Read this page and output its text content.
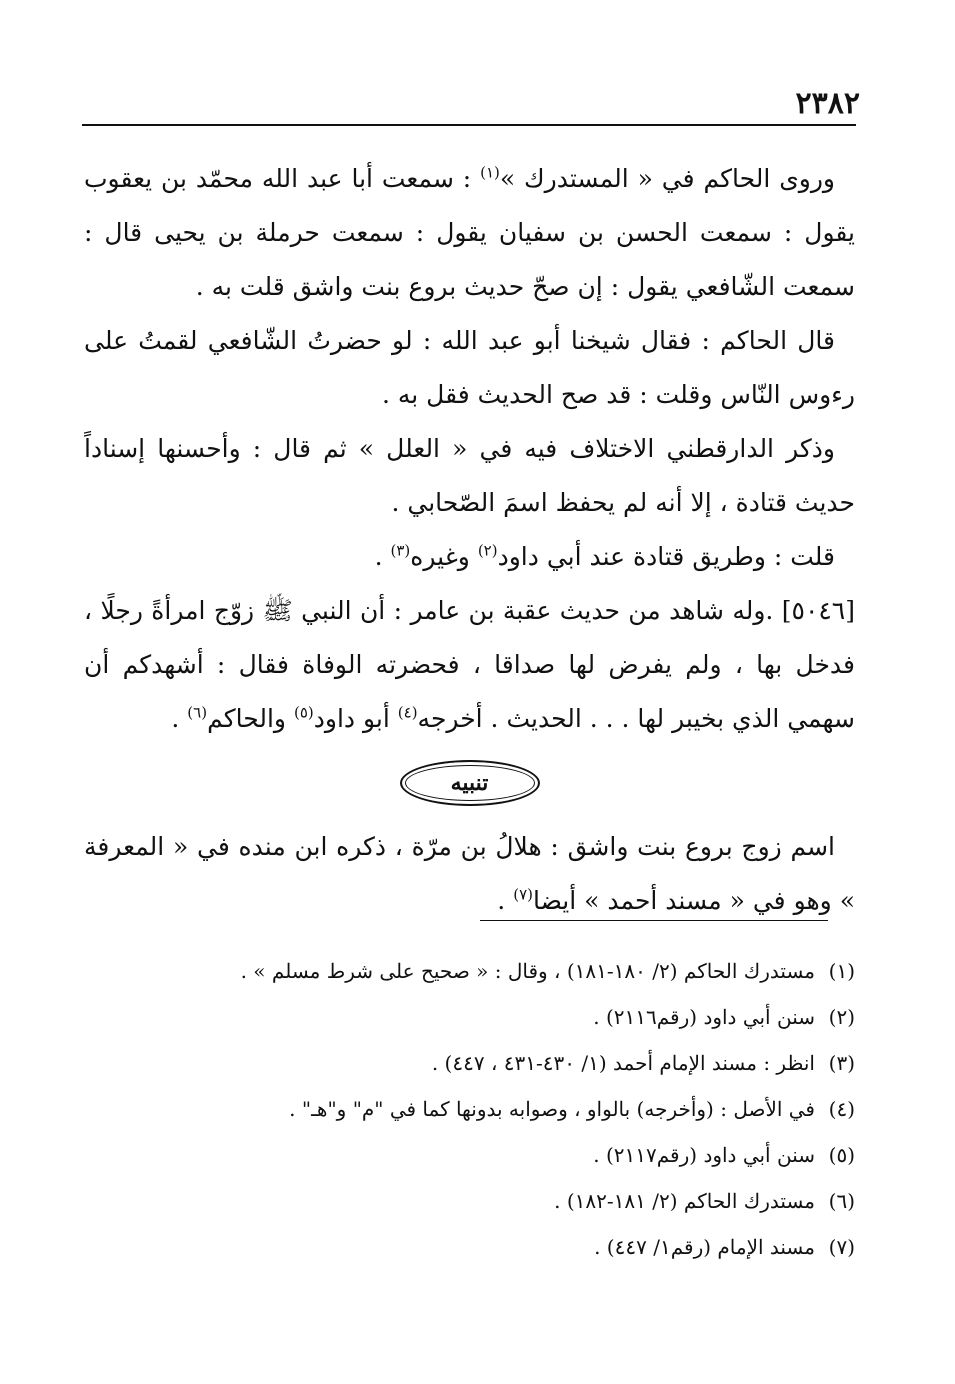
٢٣٨٢

وروى الحاكم في « المستدرك »$^{(١)}$ : سمعت أبا عبد الله محمّد بن يعقوب يقول : سمعت الحسن بن سفيان يقول : سمعت حرملة بن يحيى قال : سمعت الشّافعي يقول : إن صحّ حديث بروع بنت واشق قلت به .

قال الحاكم : فقال شيخنا أبو عبد الله : لو حضرتُ الشّافعي لقمتُ على رءوس النّاس وقلت : قد صح الحديث فقل به .

وذكر الدارقطني الاختلاف فيه في « العلل » ثم قال : وأحسنها إسناداً حديث قتادة ، إلا أنه لم يحفظ اسمَ الصّحابي .

قلت : وطريق قتادة عند أبي داود$^{(٢)}$ وغيره$^{(٣)}$ .

[٥٠٤٦] .وله شاهد من حديث عقبة بن عامر : أن النبي ﷺ زوّج امرأةً رجلًا ، فدخل بها ، ولم يفرض لها صداقا ، فحضرته الوفاة فقال : أشهدكم أن سهمي الذي بخيبر لها . . . الحديث . أخرجه$^{(٤)}$ أبو داود$^{(٥)}$ والحاكم$^{(٦)}$ .

تنبيه

اسم زوج بروع بنت واشق : هلالُ بن مرّة ، ذكره ابن منده في « المعرفة » وهو في « مسند أحمد » أيضا$^{(٧)}$ .

(١)مستدرك الحاكم (٢/ ١٨٠-١٨١) ، وقال : « صحيح على شرط مسلم » .
(٢)سنن أبي داود (رقم٢١١٦) .
(٣)انظر : مسند الإمام أحمد (١/ ٤٣٠-٤٣١ ، ٤٤٧) .
(٤)في الأصل : (وأخرجه) بالواو ، وصوابه بدونها كما في "م" و"هـ" .
(٥)سنن أبي داود (رقم٢١١٧) .
(٦)مستدرك الحاكم (٢/ ١٨١-١٨٢) .
(٧)مسند الإمام (رقم١/ ٤٤٧) .
